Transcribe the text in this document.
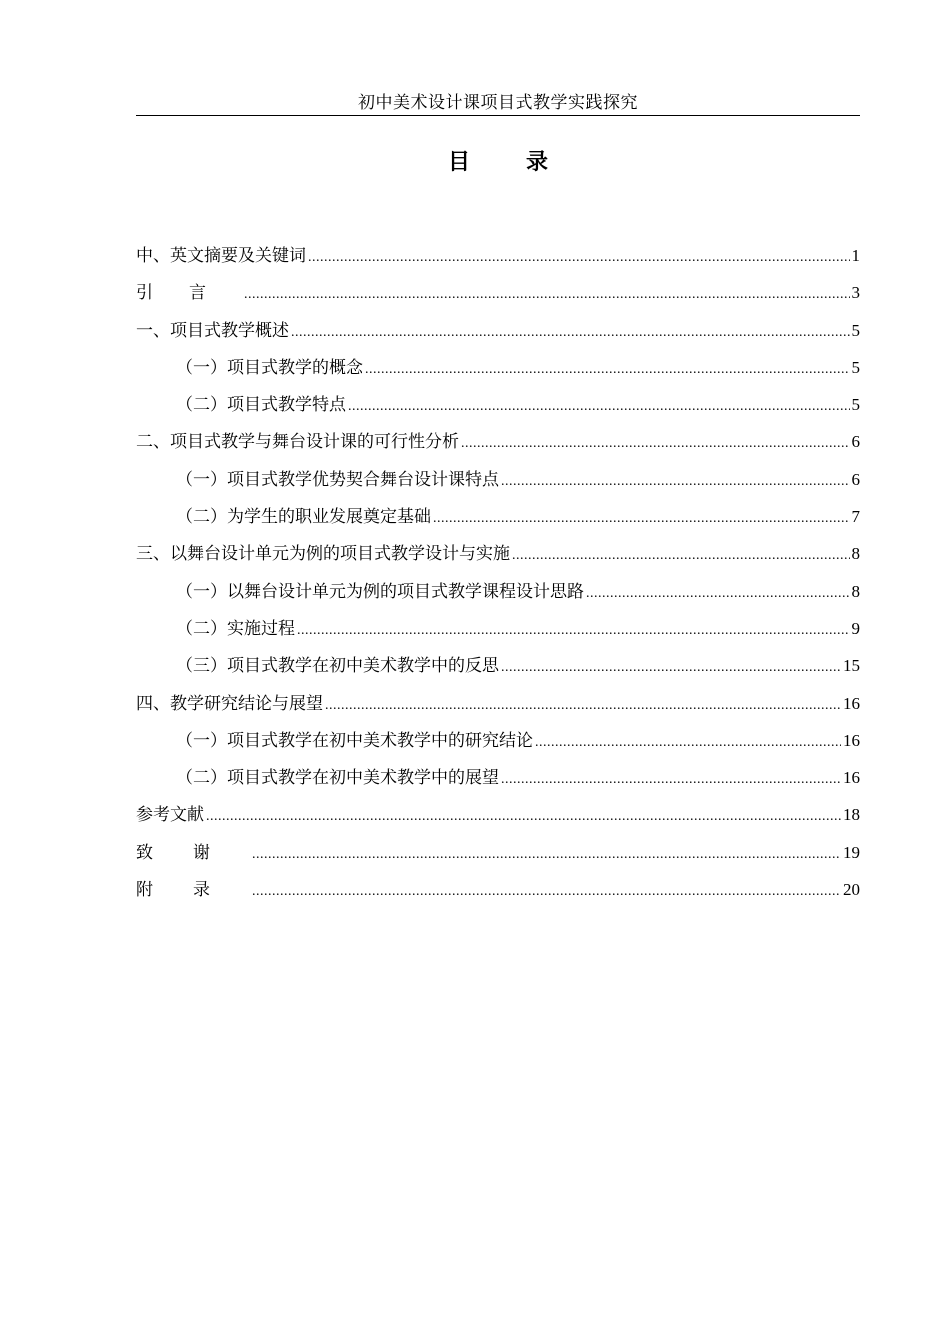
初中美术设计课项目式教学实践探究
目	录
中、英文摘要及关键词 .....	1
引言 .....	3
一、项目式教学概述 .....	5
（一）项目式教学的概念 .....	5
（二）项目式教学特点 .....	5
二、项目式教学与舞台设计课的可行性分析 .....	6
（一）项目式教学优势契合舞台设计课特点 .....	6
（二）为学生的职业发展奠定基础 .....	7
三、以舞台设计单元为例的项目式教学设计与实施 .....	8
（一）以舞台设计单元为例的项目式教学课程设计思路 .....	8
（二）实施过程 .....	9
（三）项目式教学在初中美术教学中的反思 .....	15
四、教学研究结论与展望 .....	16
（一）项目式教学在初中美术教学中的研究结论 .....	16
（二）项目式教学在初中美术教学中的展望 .....	16
参考文献 .....	18
致谢 .....	19
附录 .....	20
